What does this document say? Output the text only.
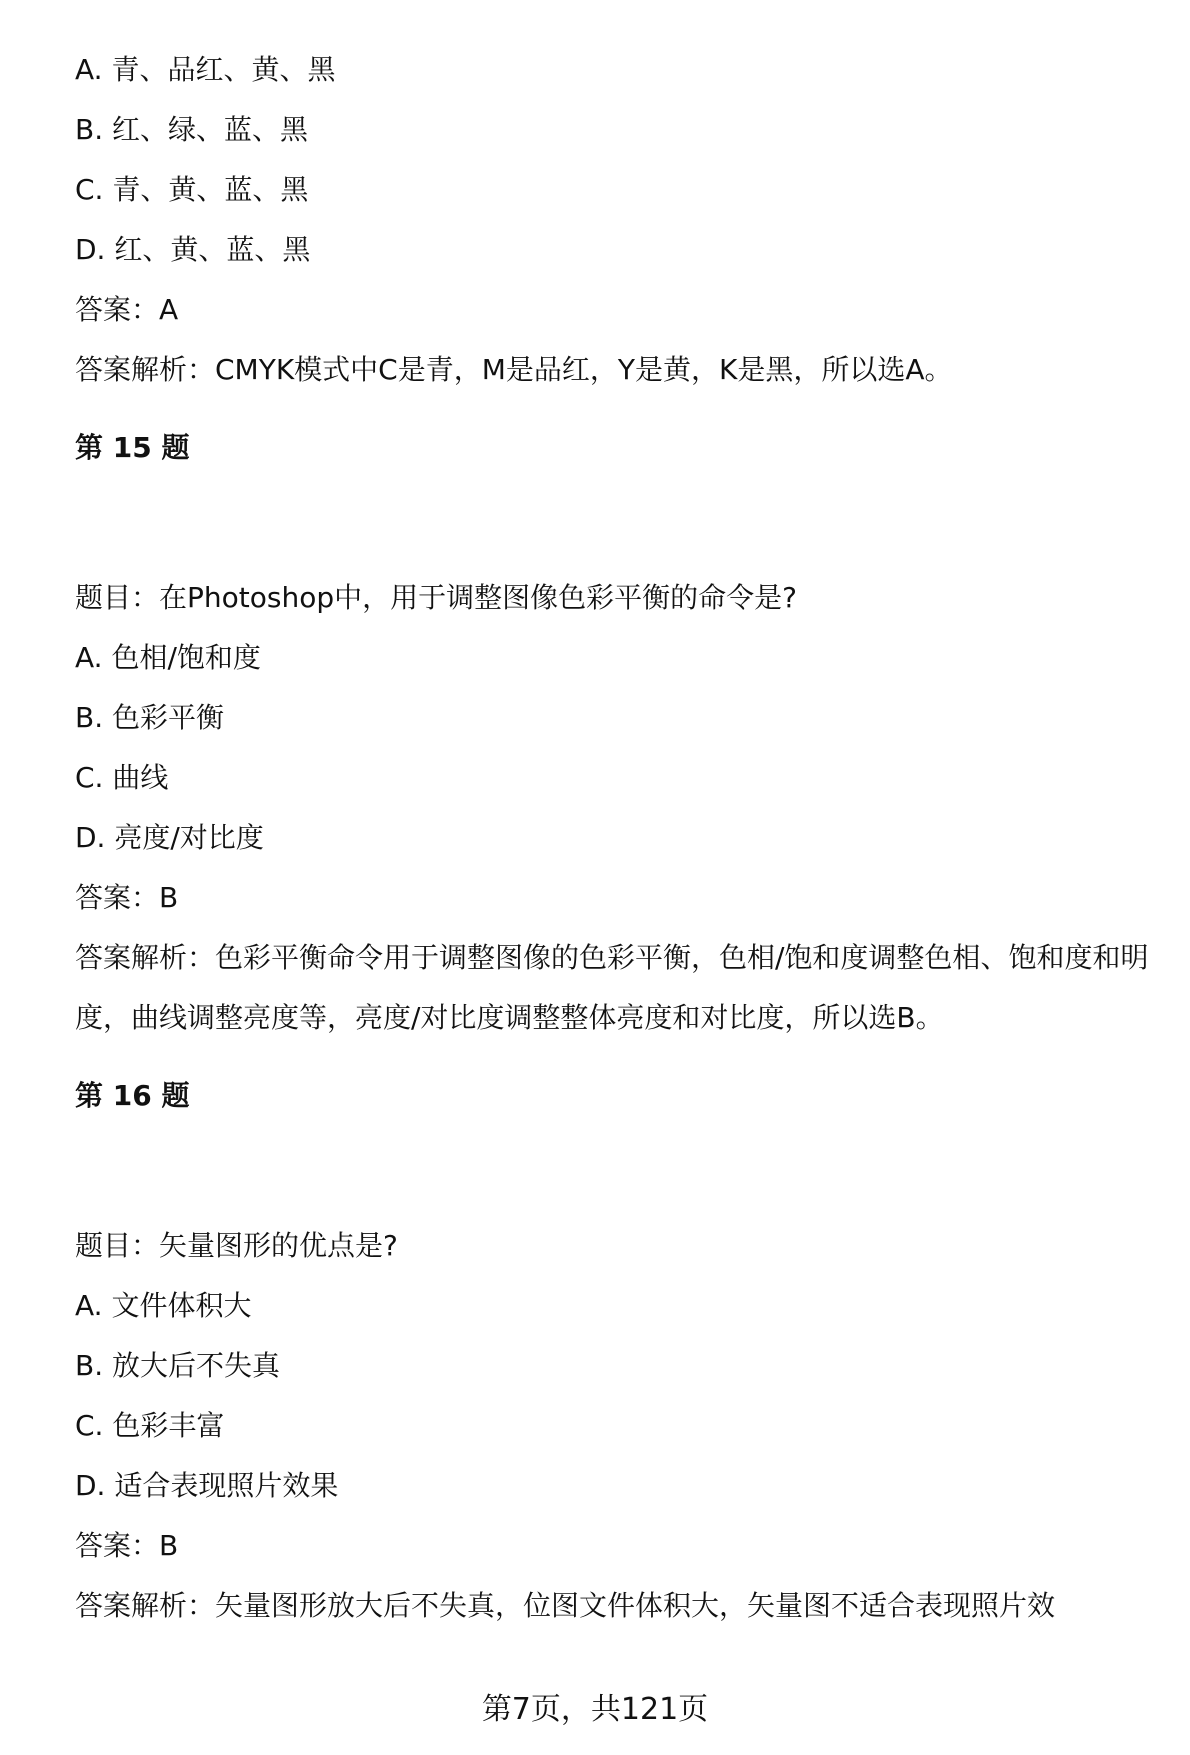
A. 青、品红、黄、黑
B. 红、绿、蓝、黑
C. 青、黄、蓝、黑
D. 红、黄、蓝、黑
答案：A
答案解析：CMYK模式中C是青，M是品红，Y是黄，K是黑，所以选A。
第 15 题
题目：在Photoshop中，用于调整图像色彩平衡的命令是?
A. 色相/饱和度
B. 色彩平衡
C. 曲线
D. 亮度/对比度
答案：B
答案解析：色彩平衡命令用于调整图像的色彩平衡，色相/饱和度调整色相、饱和度和明度，曲线调整亮度等，亮度/对比度调整整体亮度和对比度，所以选B。
第 16 题
题目：矢量图形的优点是?
A. 文件体积大
B. 放大后不失真
C. 色彩丰富
D. 适合表现照片效果
答案：B
答案解析：矢量图形放大后不失真，位图文件体积大，矢量图不适合表现照片效
第7页，共121页
